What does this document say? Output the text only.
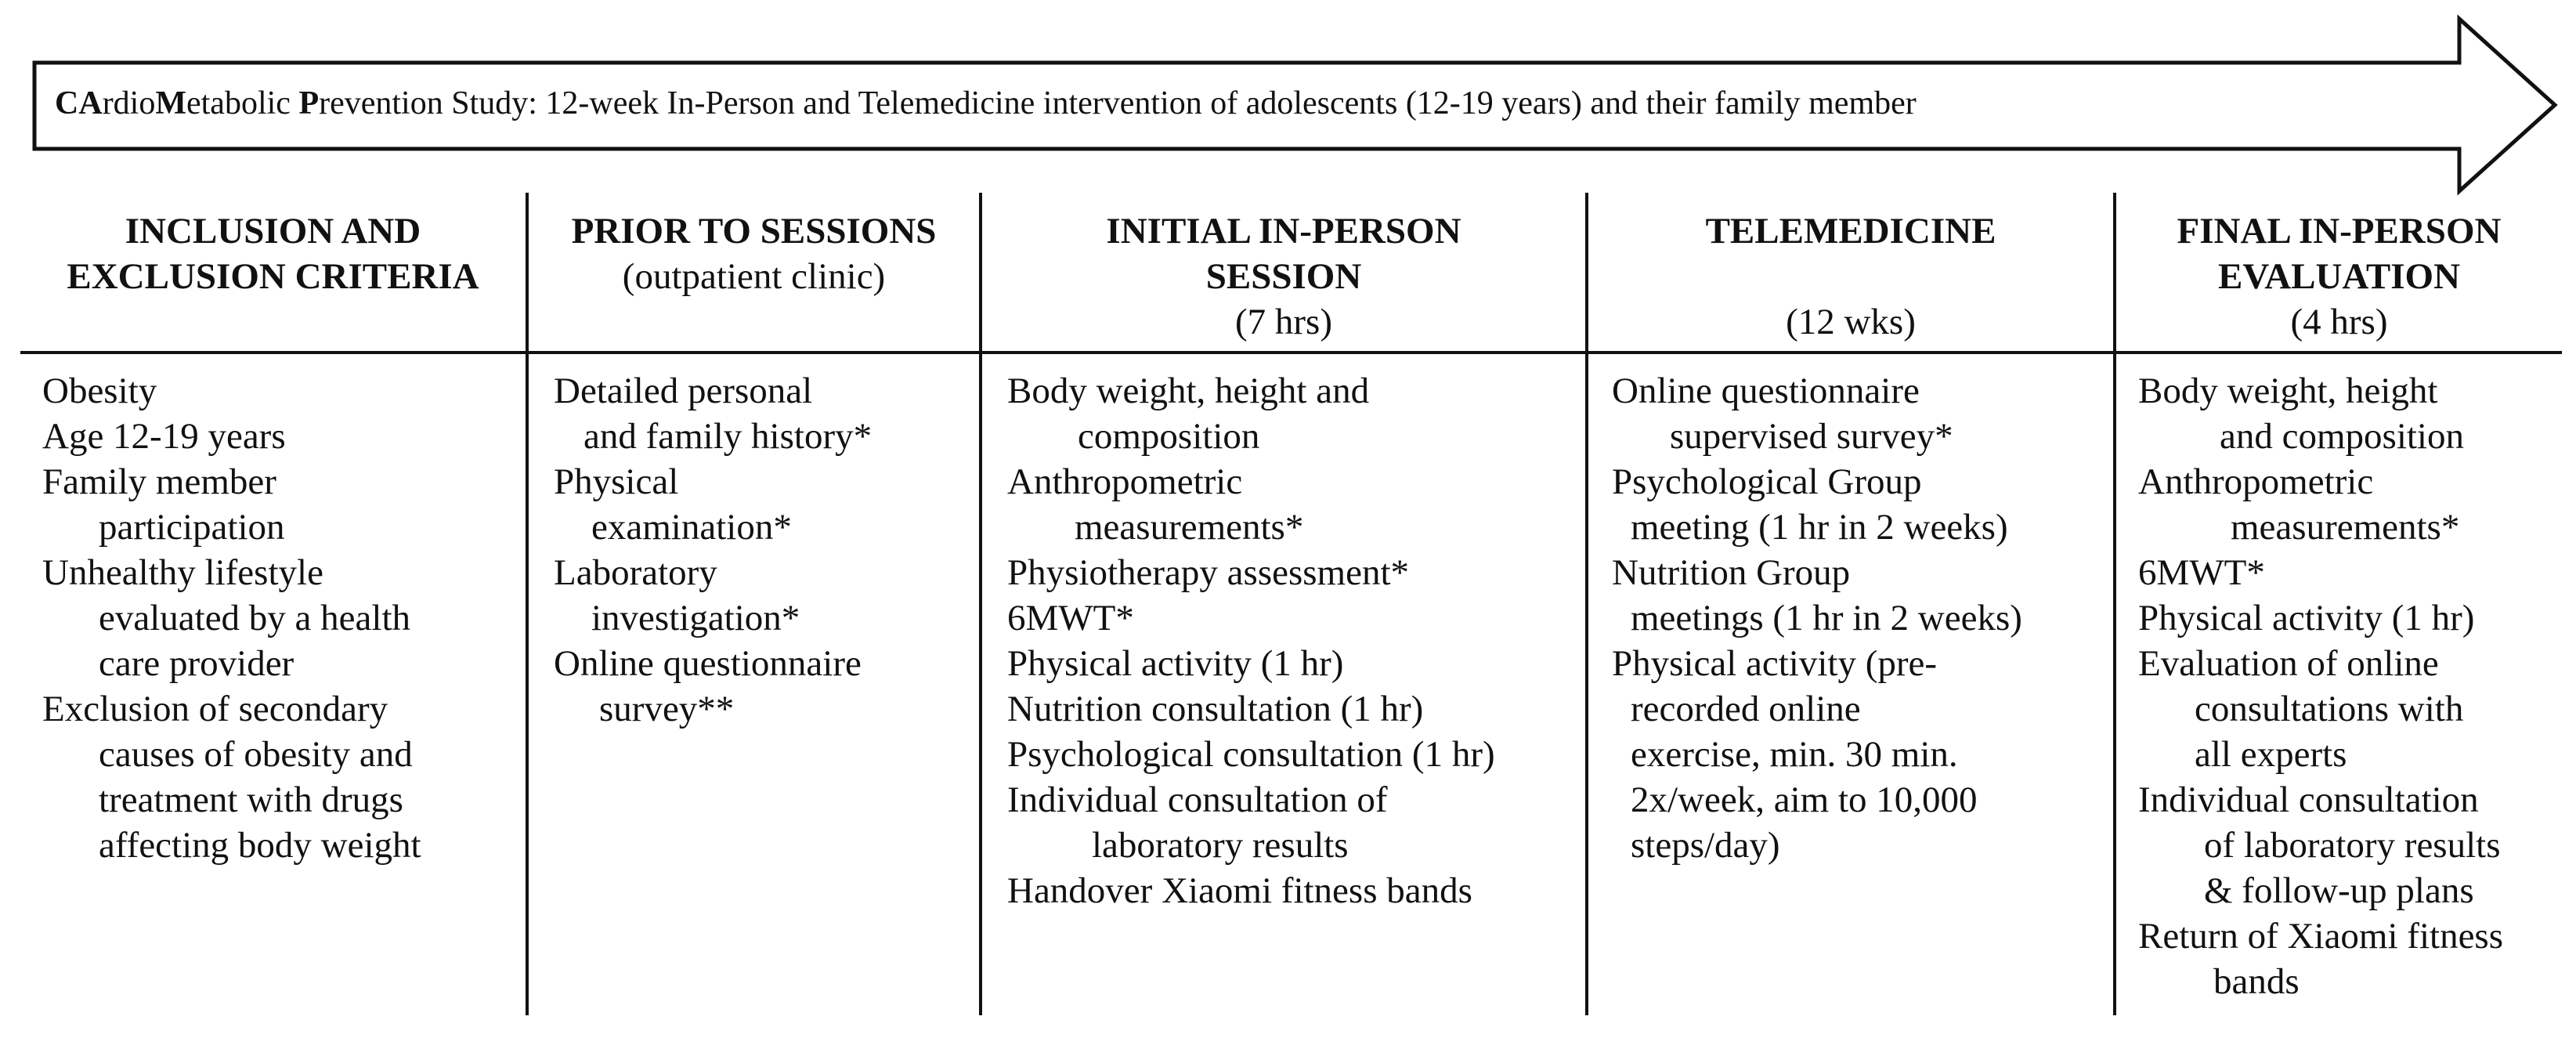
CArdioMetabolic Prevention Study: 12-week In-Person and Telemedicine intervention of adolescents (12-19 years) and their family member
INCLUSION AND
EXCLUSION CRITERIA
PRIOR TO SESSIONS
(outpatient clinic)
INITIAL IN-PERSON
SESSION
(7 hrs)
TELEMEDICINE
(12 wks)
FINAL IN-PERSON
EVALUATION
(4 hrs)
Obesity
Age 12-19 years
Family member
participation
Unhealthy lifestyle
evaluated by a health
care provider
Exclusion of secondary
causes of obesity and
treatment with drugs
affecting body weight
Detailed personal
and family history*
Physical
examination*
Laboratory
investigation*
Online questionnaire
survey**
Body weight, height and
composition
Anthropometric
measurements*
Physiotherapy assessment*
6MWT*
Physical activity (1 hr)
Nutrition consultation (1 hr)
Psychological consultation (1 hr)
Individual consultation of
laboratory results
Handover Xiaomi fitness bands
Online questionnaire
supervised survey*
Psychological Group
meeting (1 hr in 2 weeks)
Nutrition Group
meetings (1 hr in 2 weeks)
Physical activity (pre-
recorded online
exercise, min. 30 min.
2x/week, aim to 10,000
steps/day)
Body weight, height
and composition
Anthropometric
measurements*
6MWT*
Physical activity (1 hr)
Evaluation of online
consultations with
all experts
Individual consultation
of laboratory results
& follow-up plans
Return of Xiaomi fitness
bands
